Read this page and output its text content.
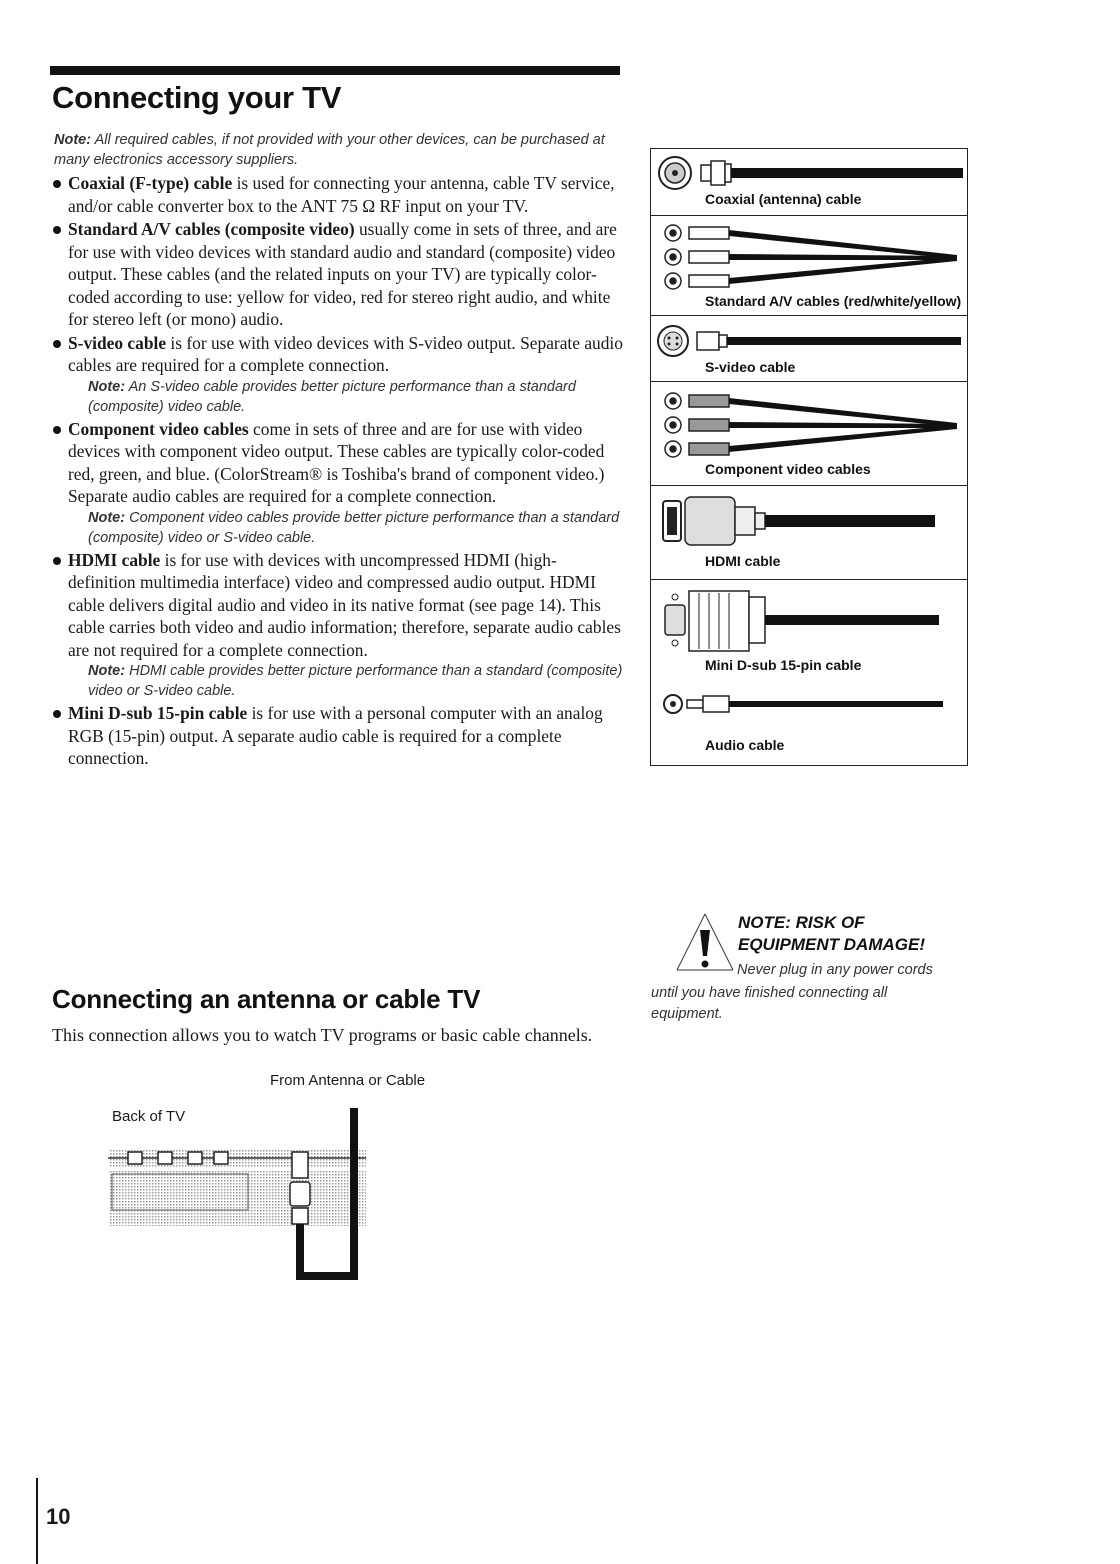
Connecting your TV
Note: All required cables, if not provided with your other devices, can be purchased at many electronics accessory suppliers.
Coaxial (F-type) cable is used for connecting your antenna, cable TV service, and/or cable converter box to the ANT 75 Ω RF input on your TV.
Standard A/V cables (composite video) usually come in sets of three, and are for use with video devices with standard audio and standard (composite) video output. These cables (and the related inputs on your TV) are typically color-coded according to use: yellow for video, red for stereo right audio, and white for stereo left (or mono) audio.
S-video cable is for use with video devices with S-video output. Separate audio cables are required for a complete connection.
Note: An S-video cable provides better picture performance than a standard (composite) video cable.
Component video cables come in sets of three and are for use with video devices with component video output. These cables are typically color-coded red, green, and blue. (ColorStream® is Toshiba's brand of component video.) Separate audio cables are required for a complete connection.
Note: Component video cables provide better picture performance than a standard (composite) video or S-video cable.
HDMI cable is for use with devices with uncompressed HDMI (high-definition multimedia interface) video and compressed audio output. HDMI cable delivers digital audio and video in its native format (see page 14). This cable carries both video and audio information; therefore, separate audio cables are not required for a complete connection.
Note: HDMI cable provides better picture performance than a standard (composite) video or S-video cable.
Mini D-sub 15-pin cable is for use with a personal computer with an analog RGB (15-pin) output. A separate audio cable is required for a complete connection.
Coaxial (antenna) cable
Standard A/V cables (red/white/yellow)
S-video cable
Component video cables
HDMI cable
Mini D-sub 15-pin cable
Audio cable
NOTE: RISK OF
EQUIPMENT DAMAGE!
Never plug in any power cords
until you have finished connecting all equipment.
Connecting an antenna or cable TV
This connection allows you to watch TV programs or basic cable channels.
From Antenna or Cable
Back of TV
10
